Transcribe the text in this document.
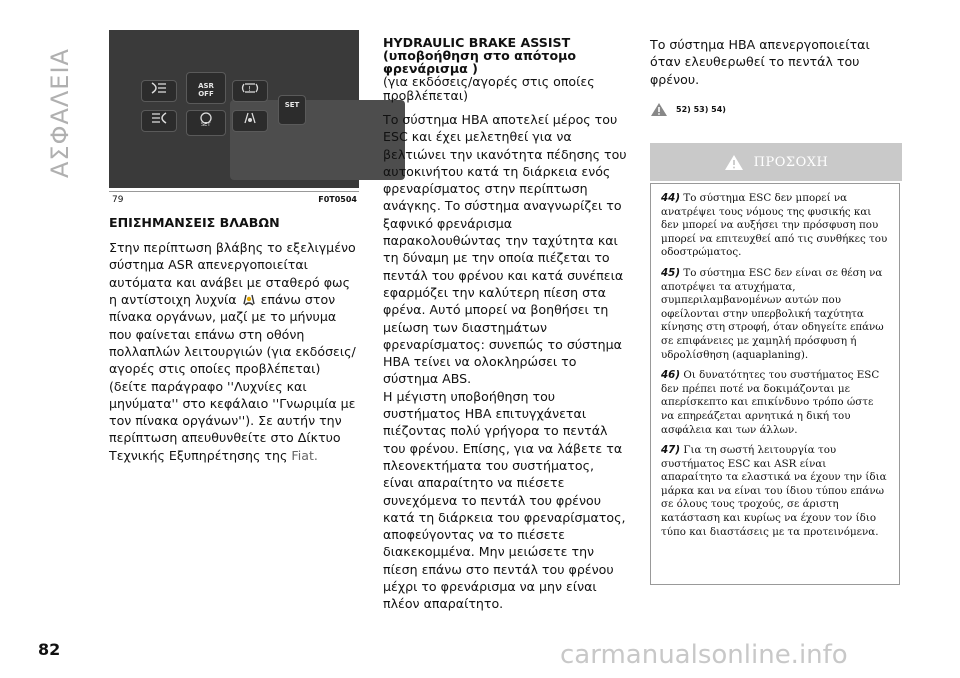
ΑΣΦΑΛΕΙΑ	ASR
OFF
!
SET
SET
79	F0T0504

ΕΠΙΣΗΜΑΝΣΕΙΣ ΒΛΑΒΩΝ

Στην περίπτωση βλάβης το εξελιγμένο σύστημα ASR απενεργοποιείται αυτόματα και ανάβει με σταθερό φως η αντίστοιχη λυχνία επάνω στον πίνακα οργάνων, μαζί με το μήνυμα που φαίνεται επάνω στη οθόνη πολλαπλών λειτουργιών (για εκδόσεις/αγορές στις οποίες προβλέπεται) (δείτε παράγραφο ''Λυχνίες και μηνύματα'' στο κεφάλαιο ''Γνωριμία με τον πίνακα οργάνων''). Σε αυτήν την περίπτωση απευθυνθείτε στο Δίκτυο Τεχνικής Εξυπηρέτησης της Fiat.

HYDRAULIC BRAKE ASSIST

(υποβοήθηση στο απότομο

φρενάρισμα )

(για εκδόσεις/αγορές στις οποίες προβλέπεται)

Το σύστημα HBA αποτελεί μέρος του ESC και έχει μελετηθεί για να βελτιώνει την ικανότητα πέδησης του αυτοκινήτου κατά τη διάρκεια ενός φρεναρίσματος στην περίπτωση ανάγκης. Το σύστημα αναγνωρίζει το ξαφνικό φρενάρισμα παρακολουθώντας την ταχύτητα και τη δύναμη με την οποία πιέζεται το πεντάλ του φρένου και κατά συνέπεια εφαρμόζει την καλύτερη πίεση στα φρένα. Αυτό μπορεί να βοηθήσει τη μείωση των διαστημάτων φρεναρίσματος: συνεπώς το σύστημα HBA τείνει να ολοκληρώσει το σύστημα ABS.

Η μέγιστη υποβοήθηση του συστήματος HBA επιτυγχάνεται πιέζοντας πολύ γρήγορα το πεντάλ του φρένου. Επίσης, για να λάβετε τα πλεονεκτήματα του συστήματος, είναι απαραίτητο να πιέσετε συνεχόμενα το πεντάλ του φρένου κατά τη διάρκεια του φρεναρίσματος, αποφεύγοντας να το πιέσετε διακεκομμένα. Μην μειώσετε την πίεση επάνω στο πεντάλ του φρένου μέχρι το φρενάρισμα να μην είναι πλέον απαραίτητο.

Το σύστημα HBA απενεργοποιείται όταν ελευθερωθεί το πεντάλ του φρένου.

52) 53) 54)
ΠΡΟΣΟΧΗ

44) Το σύστημα ESC δεν μπορεί να ανατρέψει τους νόμους της φυσικής και δεν μπορεί να αυξήσει την πρόσφυση που μπορεί να επιτευχθεί από τις συνθήκες του οδοστρώματος.

45) Το σύστημα ESC δεν είναι σε θέση να αποτρέψει τα ατυχήματα, συμπεριλαμβανομένων αυτών που οφείλονται στην υπερβολική ταχύτητα κίνησης στη στροφή, όταν οδηγείτε επάνω σε επιφάνειες με χαμηλή πρόσφυση ή υδρολίσθηση (aquaplaning).

46) Οι δυνατότητες του συστήματος ESC δεν πρέπει ποτέ να δοκιμάζονται με απερίσκεπτο και επικίνδυνο τρόπο ώστε να επηρεάζεται αρνητικά η δική του ασφάλεια και των άλλων.

47) Για τη σωστή λειτουργία του συστήματος ESC και ASR είναι απαραίτητο τα ελαστικά να έχουν την ίδια μάρκα και να είναι του ίδιου τύπου επάνω σε όλους τους τροχούς, σε άριστη κατάσταση και κυρίως να έχουν τον ίδιο τύπο και διαστάσεις με τα προτεινόμενα.

82	carmanualsonline.info
